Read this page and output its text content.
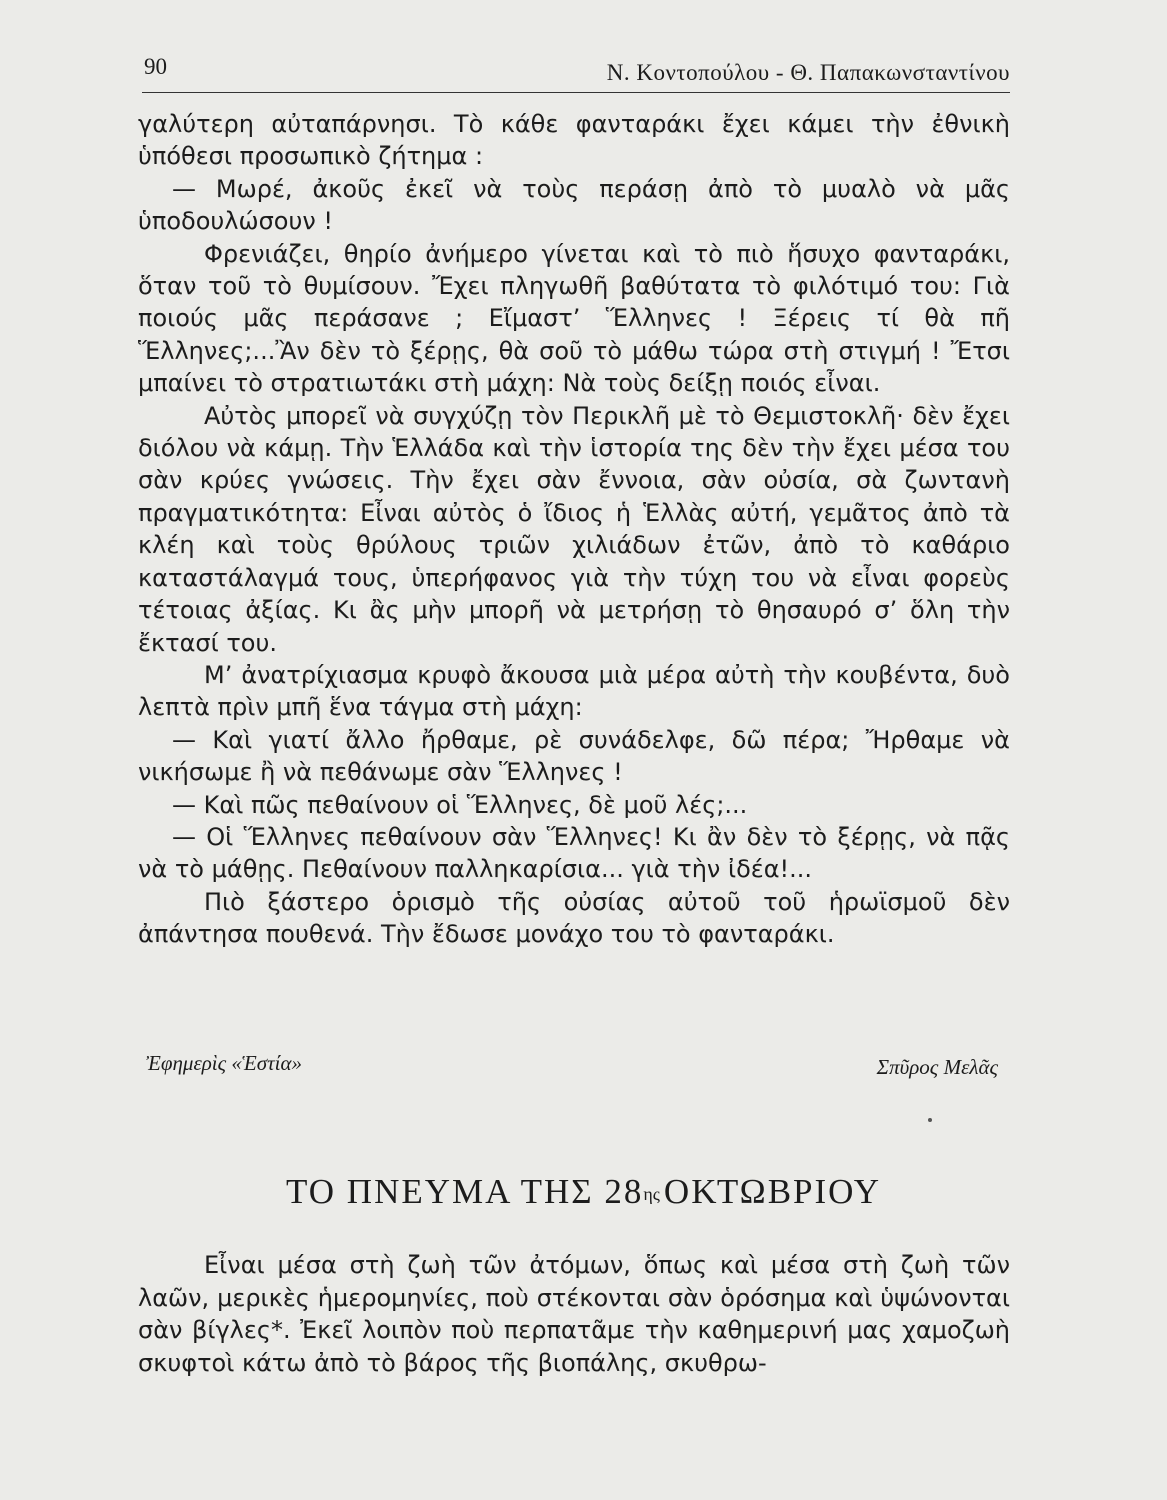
90	Ν. Κοντοπούλου - Θ. Παπακωνσταντίνου

γαλύτερη αὐταπάρνησι. Τὸ κάθε φανταράκι ἔχει κάμει τὴν ἐθνικὴ ὑπόθεσι προσωπικὸ ζήτημα :

— Μωρέ, ἀκοῦς ἐκεῖ νὰ τοὺς περάσῃ ἀπὸ τὸ μυαλὸ νὰ μᾶς ὑποδουλώσουν !

Φρενιάζει, θηρίο ἀνήμερο γίνεται καὶ τὸ πιὸ ἥσυχο φανταράκι, ὅταν τοῦ τὸ θυμίσουν. Ἔχει πληγωθῆ βαθύτατα τὸ φιλότιμό του: Γιὰ ποιούς μᾶς περάσανε ; Εἴμαστ’ Ἕλληνες ! Ξέρεις τί θὰ πῆ Ἕλληνες;...Ἂν δὲν τὸ ξέρῃς, θὰ σοῦ τὸ μάθω τώρα στὴ στιγμή ! Ἔτσι μπαίνει τὸ στρατιωτάκι στὴ μάχη: Νὰ τοὺς δείξῃ ποιός εἶναι.

Αὐτὸς μπορεῖ νὰ συγχύζῃ τὸν Περικλῆ μὲ τὸ Θεμιστοκλῆ· δὲν ἔχει διόλου νὰ κάμῃ. Τὴν Ἑλλάδα καὶ τὴν ἱστορία της δὲν τὴν ἔχει μέσα του σὰν κρύες γνώσεις. Τὴν ἔχει σὰν ἔννοια, σὰν οὐσία, σὰ ζωντανὴ πραγματικότητα: Εἶναι αὐτὸς ὁ ἴδιος ἡ Ἑλλὰς αὐτή, γεμᾶτος ἀπὸ τὰ κλέη καὶ τοὺς θρύλους τριῶν χιλιάδων ἐτῶν, ἀπὸ τὸ καθάριο καταστάλαγμά τους, ὑπερήφανος γιὰ τὴν τύχη του νὰ εἶναι φορεὺς τέτοιας ἀξίας. Κι ἂς μὴν μπορῆ νὰ μετρήσῃ τὸ θησαυρό σ’ ὅλη τὴν ἔκτασί του.

Μ’ ἀνατρίχιασμα κρυφὸ ἄκουσα μιὰ μέρα αὐτὴ τὴν κουβέντα, δυὸ λεπτὰ πρὶν μπῆ ἕνα τάγμα στὴ μάχη:

— Καὶ γιατί ἄλλο ἤρθαμε, ρὲ συνάδελφε, δῶ πέρα; Ἤρθαμε νὰ νικήσωμε ἢ νὰ πεθάνωμε σὰν Ἕλληνες !

— Καὶ πῶς πεθαίνουν οἱ Ἕλληνες, δὲ μοῦ λές;...

— Οἱ Ἕλληνες πεθαίνουν σὰν Ἕλληνες! Κι ἂν δὲν τὸ ξέρῃς, νὰ πᾷς νὰ τὸ μάθῃς. Πεθαίνουν παλληκαρίσια... γιὰ τὴν ἰδέα!...

Πιὸ ξάστερο ὁρισμὸ τῆς οὐσίας αὐτοῦ τοῦ ἡρωϊσμοῦ δὲν ἀπάντησα πουθενά. Τὴν ἔδωσε μονάχο του τὸ φανταράκι.

Ἐφημερὶς «Ἑστία»	Σπῦρος Μελᾶς
ΤΟ ΠΝΕΥΜΑ ΤΗΣ $28^{\eta\varsigma}$ ΟΚΤΩΒΡΙΟΥ

Εἶναι μέσα στὴ ζωὴ τῶν ἀτόμων, ὅπως καὶ μέσα στὴ ζωὴ τῶν λαῶν, μερικὲς ἡμερομηνίες, ποὺ στέκονται σὰν ὁρόσημα καὶ ὑψώνονται σὰν βίγλες*. Ἐκεῖ λοιπὸν ποὺ περπατᾶμε τὴν καθημερινή μας χαμοζωὴ σκυφτοὶ κάτω ἀπὸ τὸ βάρος τῆς βιοπάλης, σκυθρω-
